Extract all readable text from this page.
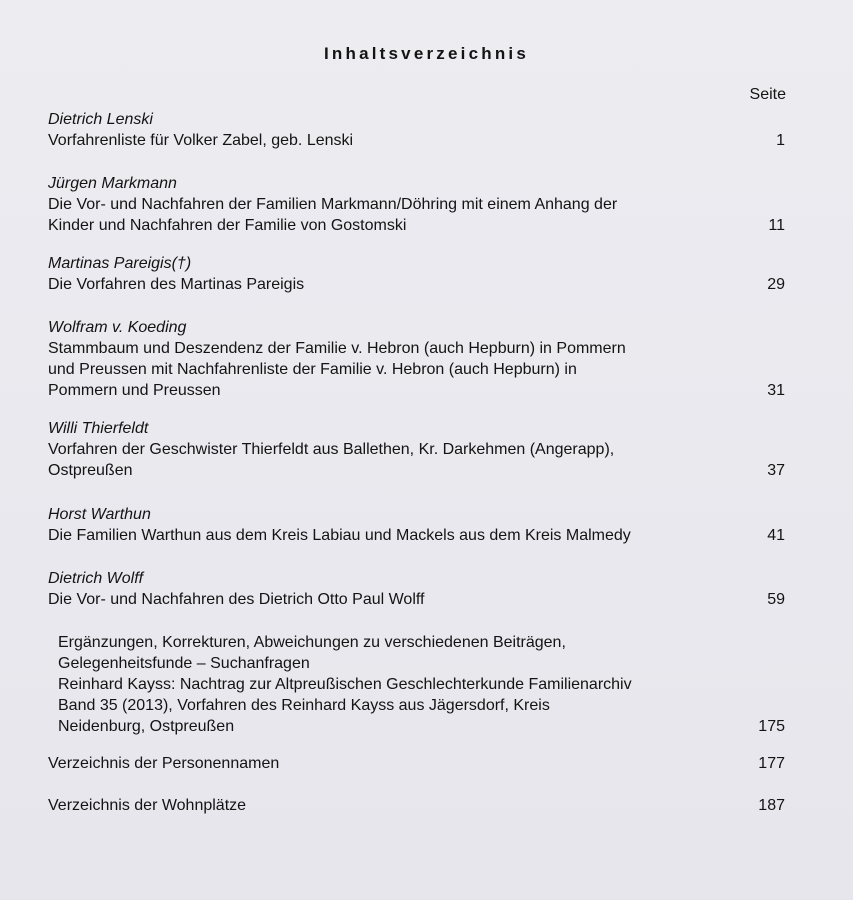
Inhaltsverzeichnis
Seite
Dietrich Lenski
Vorfahrenliste für Volker Zabel, geb. Lenski	1
Jürgen Markmann
Die Vor- und Nachfahren der Familien Markmann/Döhring mit einem Anhang der
Kinder und Nachfahren der Familie von Gostomski	11
Martinas Pareigis(†)
Die Vorfahren des Martinas Pareigis	29
Wolfram v. Koeding
Stammbaum und Deszendenz der Familie v. Hebron (auch Hepburn) in Pommern
und Preussen mit Nachfahrenliste der Familie v. Hebron (auch Hepburn) in
Pommern und Preussen	31
Willi Thierfeldt
Vorfahren der Geschwister Thierfeldt aus Ballethen, Kr. Darkehmen (Angerapp),
Ostpreußen	37
Horst Warthun
Die Familien Warthun aus dem Kreis Labiau und Mackels aus dem Kreis Malmedy	41
Dietrich Wolff
Die Vor- und Nachfahren des Dietrich Otto Paul Wolff	59
Ergänzungen, Korrekturen, Abweichungen zu verschiedenen Beiträgen,
Gelegenheitsfunde – Suchanfragen
Reinhard Kayss: Nachtrag zur Altpreußischen Geschlechterkunde Familienarchiv
Band 35 (2013), Vorfahren des Reinhard Kayss aus Jägersdorf, Kreis
Neidenburg, Ostpreußen	175
Verzeichnis der Personennamen	177
Verzeichnis der Wohnplätze	187
